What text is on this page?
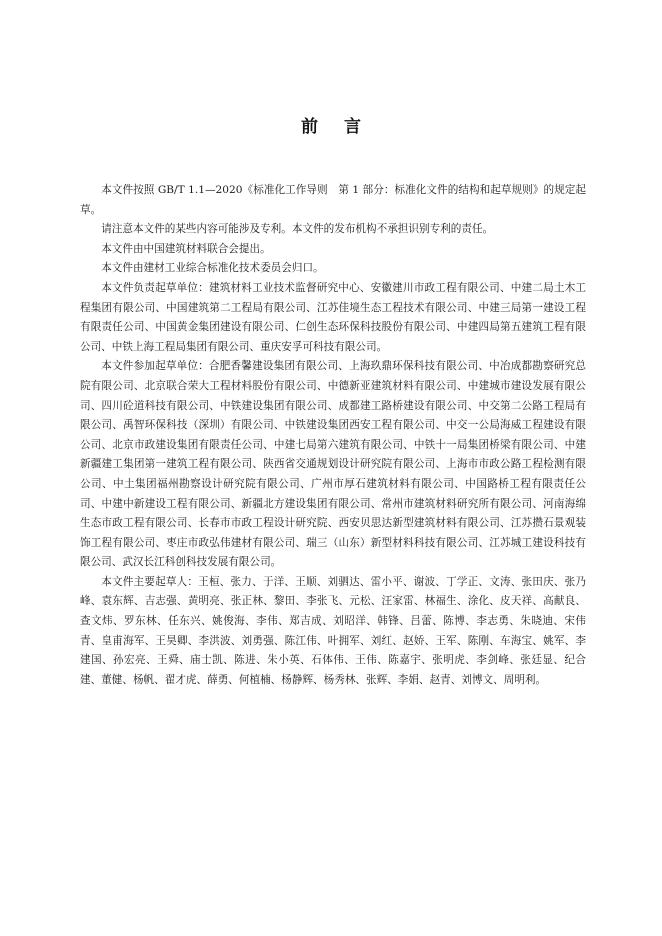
前言

本文件按照 GB/T 1.1—2020《标准化工作导则　第 1 部分：标准化文件的结构和起草规则》的规定起草。

请注意本文件的某些内容可能涉及专利。本文件的发布机构不承担识别专利的责任。

本文件由中国建筑材料联合会提出。

本文件由建材工业综合标准化技术委员会归口。

本文件负责起草单位：建筑材料工业技术监督研究中心、安徽建川市政工程有限公司、中建二局土木工程集团有限公司、中国建筑第二工程局有限公司、江苏佳境生态工程技术有限公司、中建三局第一建设工程有限责任公司、中国黄金集团建设有限公司、仁创生态环保科技股份有限公司、中建四局第五建筑工程有限公司、中铁上海工程局集团有限公司、重庆安孚可科技有限公司。

本文件参加起草单位：合肥香馨建设集团有限公司、上海玖鼎环保科技有限公司、中冶成都勘察研究总院有限公司、北京联合荣大工程材料股份有限公司、中德新亚建筑材料有限公司、中建城市建设发展有限公司、四川砼道科技有限公司、中铁建设集团有限公司、成都建工路桥建设有限公司、中交第二公路工程局有限公司、禹智环保科技（深圳）有限公司、中铁建设集团西安工程有限公司、中交一公局海威工程建设有限公司、北京市政建设集团有限责任公司、中建七局第六建筑有限公司、中铁十一局集团桥梁有限公司、中建新疆建工集团第一建筑工程有限公司、陕西省交通规划设计研究院有限公司、上海市市政公路工程检测有限公司、中土集团福州勘察设计研究院有限公司、广州市厚石建筑材料有限公司、中国路桥工程有限责任公司、中建中新建设工程有限公司、新疆北方建设集团有限公司、常州市建筑材料研究所有限公司、河南海绵生态市政工程有限公司、长春市市政工程设计研究院、西安贝思达新型建筑材料有限公司、江苏攒石景观装饰工程有限公司、枣庄市政弘伟建材有限公司、瑞三（山东）新型材料科技有限公司、江苏城工建设科技有限公司、武汉长江科创科技发展有限公司。

本文件主要起草人：王桓、张力、于洋、王顺、刘驷达、雷小平、谢波、丁学正、文涛、张田庆、张乃峰、袁东辉、吉志强、黄明亮、张正林、黎田、李张飞、元松、汪家雷、林福生、涂化、皮天祥、高献良、查文炜、罗东林、任东兴、姚俊海、李伟、郑吉成、刘昭洋、韩锋、吕蕾、陈博、李志勇、朱晓迪、宋伟青、皇甫海军、王昊卿、李洪波、刘勇强、陈江伟、叶拥军、刘红、赵娇、王军、陈刚、车海宝、姚军、李建国、孙宏亮、王舜、庙士凯、陈进、朱小英、石体伟、王伟、陈嘉宇、张明虎、李剑峰、张廷显、纪合建、董健、杨帆、翟才虎、薛勇、何植楠、杨静辉、杨秀林、张辉、李娟、赵青、刘博文、周明利。
